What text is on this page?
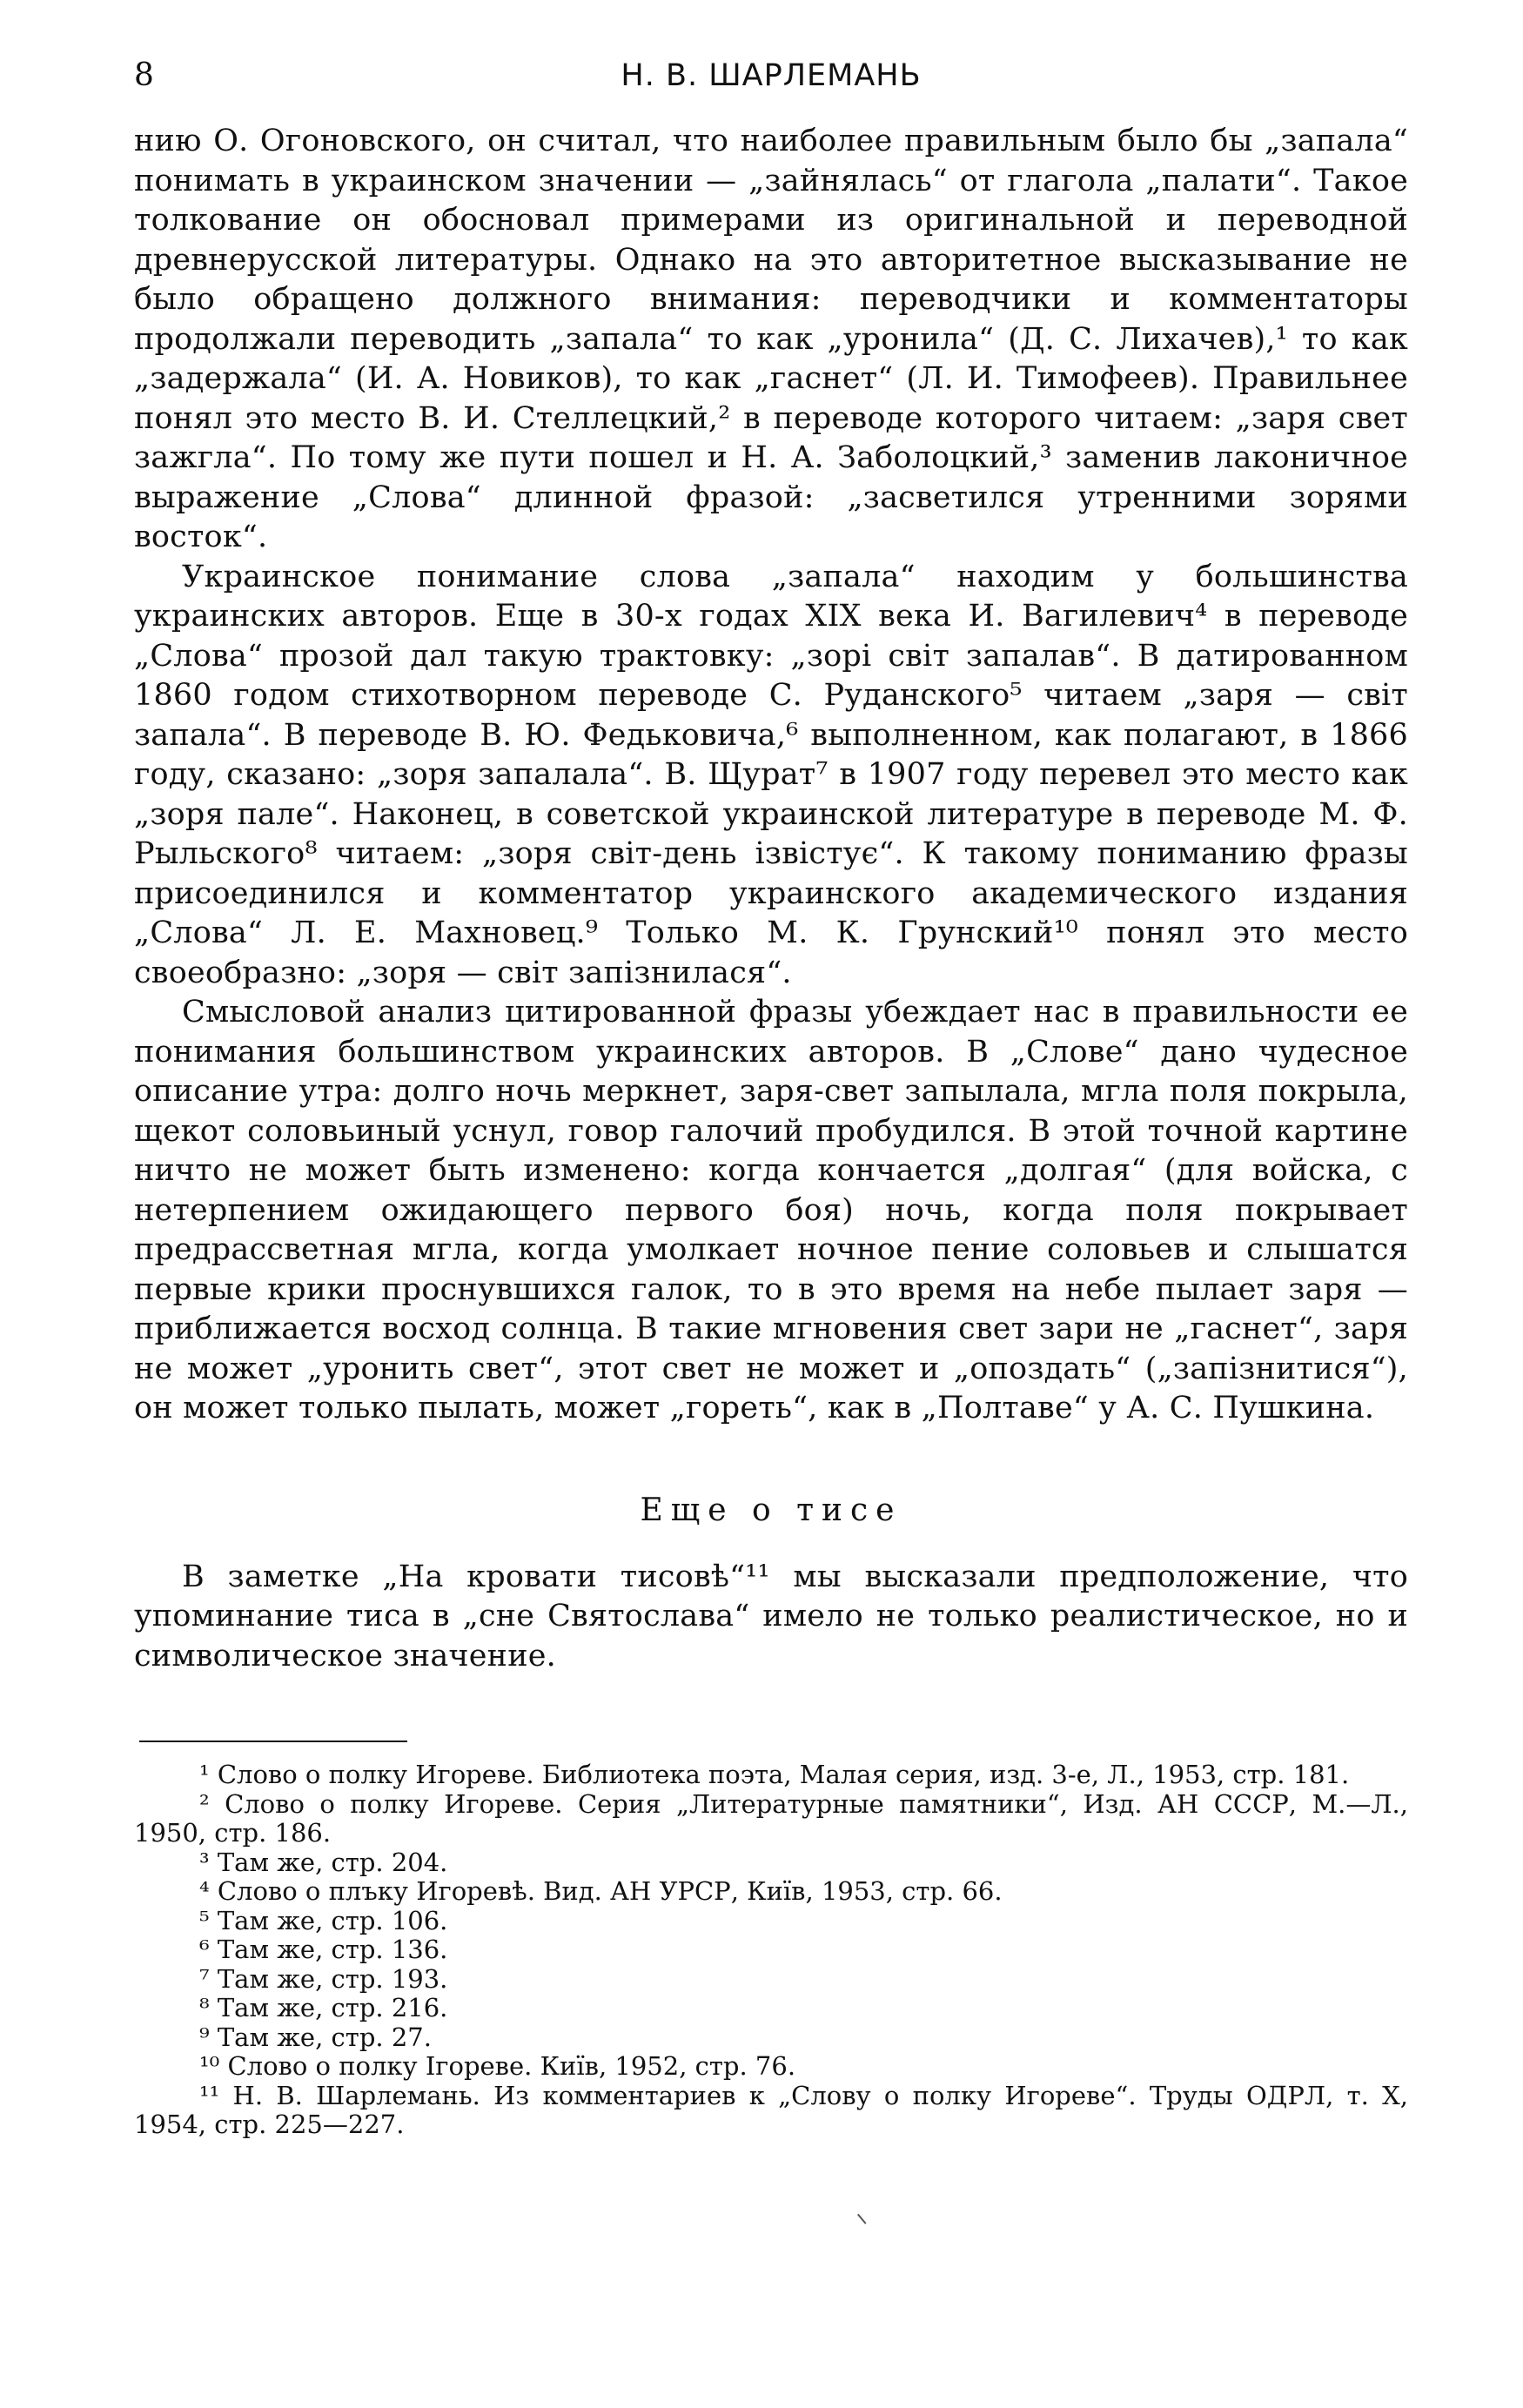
8	Н. В. ШАРЛЕМАНЬ

нию О. Огоновского, он считал, что наиболее правильным было бы „запала“ понимать в украинском значении — „зайнялась“ от глагола „палати“. Такое толкование он обосновал примерами из оригинальной и переводной древнерусской литературы. Однако на это авторитетное высказывание не было обращено должного внимания: переводчики и комментаторы продолжали переводить „запала“ то как „уронила“ (Д. С. Лихачев),¹ то как „задержала“ (И. А. Новиков), то как „гаснет“ (Л. И. Тимофеев). Правильнее понял это место В. И. Стеллецкий,² в переводе которого читаем: „заря свет зажгла“. По тому же пути пошел и Н. А. Заболоцкий,³ заменив лаконичное выражение „Слова“ длинной фразой: „засветился утренними зорями восток“.

Украинское понимание слова „запала“ находим у большинства украинских авторов. Еще в 30-х годах XIX века И. Вагилевич⁴ в переводе „Слова“ прозой дал такую трактовку: „зорі світ запалав“. В датированном 1860 годом стихотворном переводе С. Руданского⁵ читаем „заря — світ запала“. В переводе В. Ю. Федьковича,⁶ выполненном, как полагают, в 1866 году, сказано: „зоря запалала“. В. Щурат⁷ в 1907 году перевел это место как „зоря пале“. Наконец, в советской украинской литературе в переводе М. Ф. Рыльского⁸ читаем: „зоря світ-день ізвістує“. К такому пониманию фразы присоединился и комментатор украинского академического издания „Слова“ Л. Е. Махновец.⁹ Только М. К. Грунский¹⁰ понял это место своеобразно: „зоря — світ запізнилася“.

Смысловой анализ цитированной фразы убеждает нас в правильности ее понимания большинством украинских авторов. В „Слове“ дано чудесное описание утра: долго ночь меркнет, заря-свет запылала, мгла поля покрыла, щекот соловьиный уснул, говор галочий пробудился. В этой точной картине ничто не может быть изменено: когда кончается „долгая“ (для войска, с нетерпением ожидающего первого боя) ночь, когда поля покрывает предрассветная мгла, когда умолкает ночное пение соловьев и слышатся первые крики проснувшихся галок, то в это время на небе пылает заря — приближается восход солнца. В такие мгновения свет зари не „гаснет“, заря не может „уронить свет“, этот свет не может и „опоздать“ („запізнитися“), он может только пылать, может „гореть“, как в „Полтаве“ у А. С. Пушкина.

Еще о тисе

В заметке „На кровати тисовѣ“¹¹ мы высказали предположение, что упоминание тиса в „сне Святослава“ имело не только реалистическое, но и символическое значение.

¹ Слово о полку Игореве. Библиотека поэта, Малая серия, изд. 3-е, Л., 1953, стр. 181.

² Слово о полку Игореве. Серия „Литературные памятники“, Изд. АН СССР, М.—Л., 1950, стр. 186.

³ Там же, стр. 204.

⁴ Слово о плъку Игоревѣ. Вид. АН УРСР, Київ, 1953, стр. 66.

⁵ Там же, стр. 106.

⁶ Там же, стр. 136.

⁷ Там же, стр. 193.

⁸ Там же, стр. 216.

⁹ Там же, стр. 27.

¹⁰ Слово о полку Ігореве. Київ, 1952, стр. 76.

¹¹ Н. В. Шарлемань. Из комментариев к „Слову о полку Игореве“. Труды ОДРЛ, т. X, 1954, стр. 225—227.
